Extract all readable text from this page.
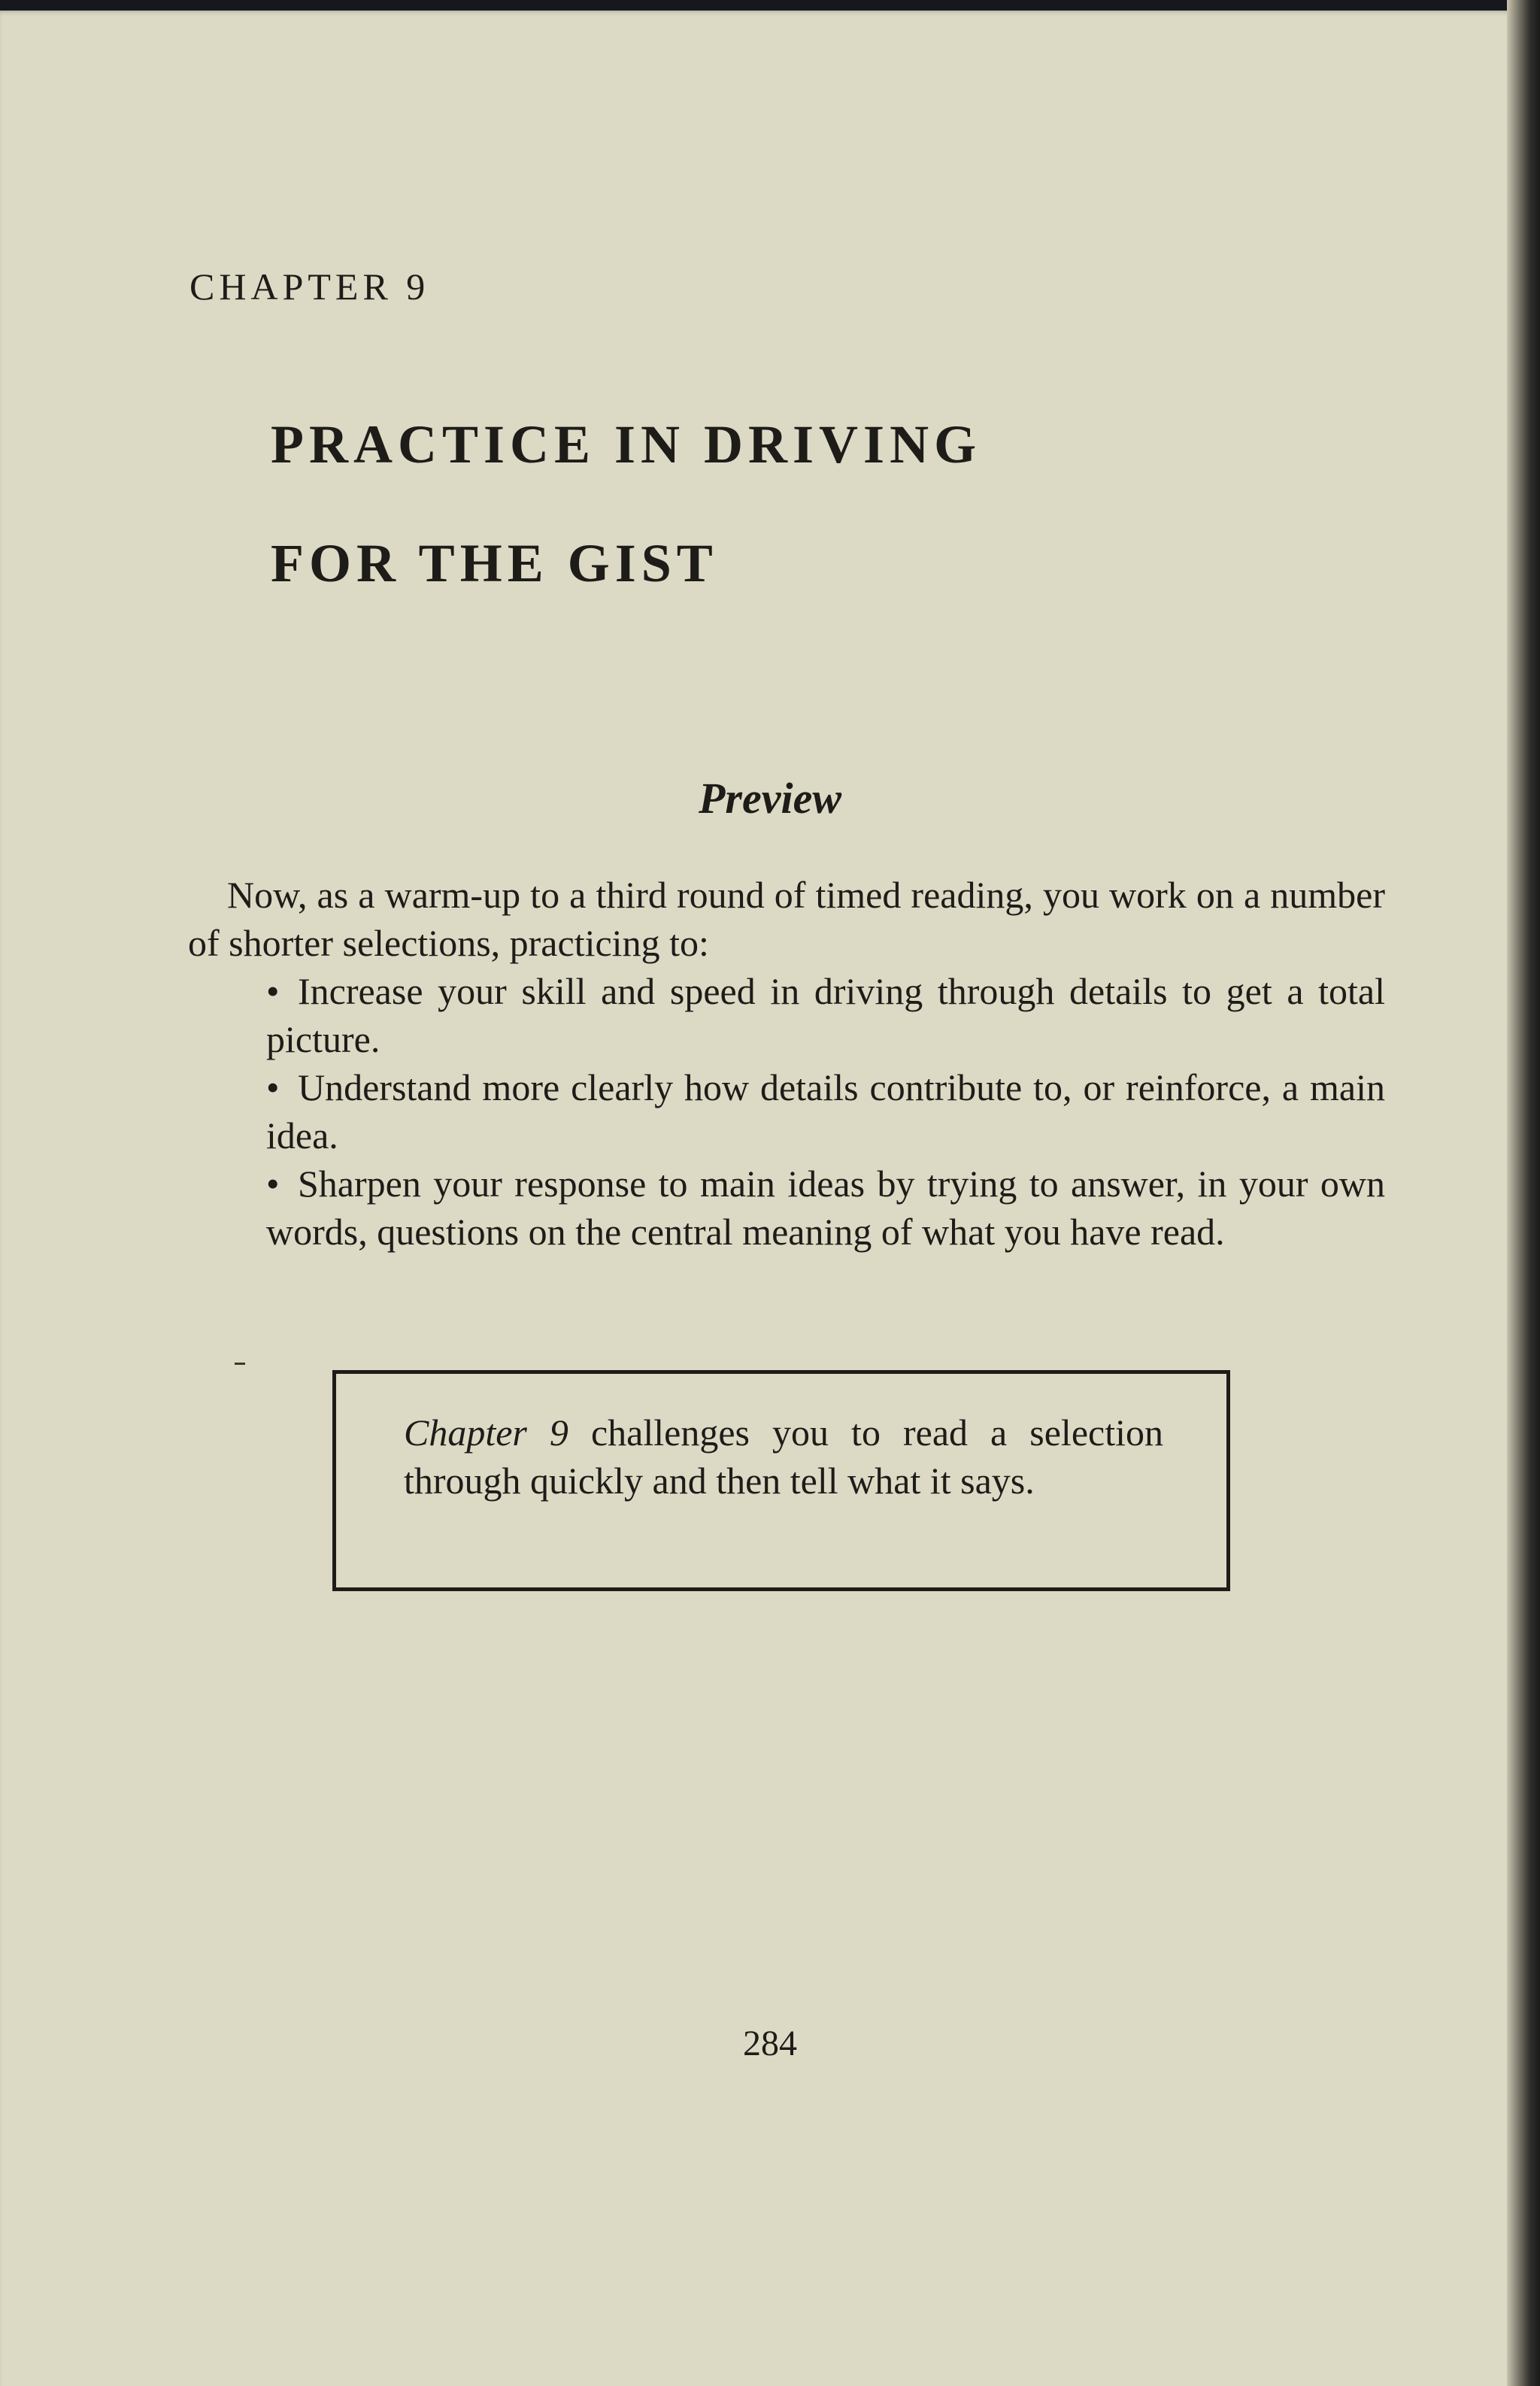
CHAPTER 9
PRACTICE IN DRIVING
FOR THE GIST
Preview

Now, as a warm-up to a third round of timed reading, you work on a number of shorter selections, practicing to:

• Increase your skill and speed in driving through details to get a total picture.
• Understand more clearly how details contribute to, or reinforce, a main idea.
• Sharpen your response to main ideas by trying to answer, in your own words, questions on the central meaning of what you have read.
Chapter 9 challenges you to read a selection through quickly and then tell what it says.
284
